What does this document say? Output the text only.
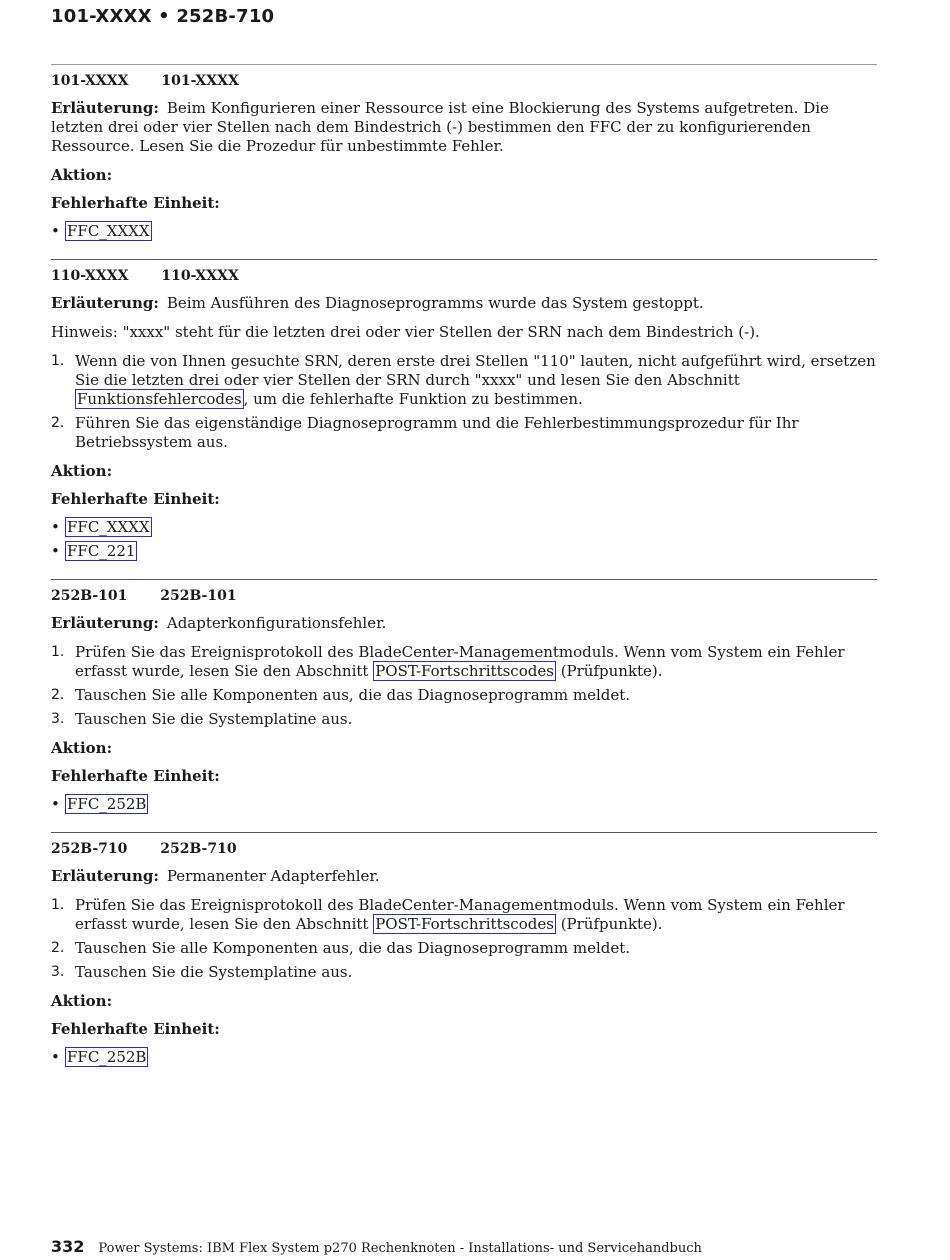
101-XXXX • 252B-710
101-XXXX 101-XXXX

Erläuterung: Beim Konfigurieren einer Ressource ist eine Blockierung des Systems aufgetreten. Die letzten drei oder vier Stellen nach dem Bindestrich (-) bestimmen den FFC der zu konfigurierenden Ressource. Lesen Sie die Prozedur für unbestimmte Fehler.

Aktion:
Fehlerhafte Einheit:
• FFC_XXXX
110-XXXX 110-XXXX

Erläuterung: Beim Ausführen des Diagnoseprogramms wurde das System gestoppt.

Hinweis: "xxxx" steht für die letzten drei oder vier Stellen der SRN nach dem Bindestrich (-).

1. Wenn die von Ihnen gesuchte SRN, deren erste drei Stellen "110" lauten, nicht aufgeführt wird, ersetzen Sie die letzten drei oder vier Stellen der SRN durch "xxxx" und lesen Sie den Abschnitt Funktionsfehlercodes , um die fehlerhafte Funktion zu bestimmen.
2. Führen Sie das eigenständige Diagnoseprogramm und die Fehlerbestimmungsprozedur für Ihr Betriebssystem aus.
Aktion:
Fehlerhafte Einheit:
• FFC_XXXX
• FFC_221
252B-101 252B-101

Erläuterung: Adapterkonfigurationsfehler.

1. Prüfen Sie das Ereignisprotokoll des BladeCenter-Managementmoduls. Wenn vom System ein Fehler erfasst wurde, lesen Sie den Abschnitt POST-Fortschrittscodes (Prüfpunkte).
2. Tauschen Sie alle Komponenten aus, die das Diagnoseprogramm meldet.
3. Tauschen Sie die Systemplatine aus.
Aktion:
Fehlerhafte Einheit:
• FFC_252B
252B-710 252B-710

Erläuterung: Permanenter Adapterfehler.

1. Prüfen Sie das Ereignisprotokoll des BladeCenter-Managementmoduls. Wenn vom System ein Fehler erfasst wurde, lesen Sie den Abschnitt POST-Fortschrittscodes (Prüfpunkte).
2. Tauschen Sie alle Komponenten aus, die das Diagnoseprogramm meldet.
3. Tauschen Sie die Systemplatine aus.
Aktion:
Fehlerhafte Einheit:
• FFC_252B
332 Power Systems: IBM Flex System p270 Rechenknoten - Installations- und Servicehandbuch
